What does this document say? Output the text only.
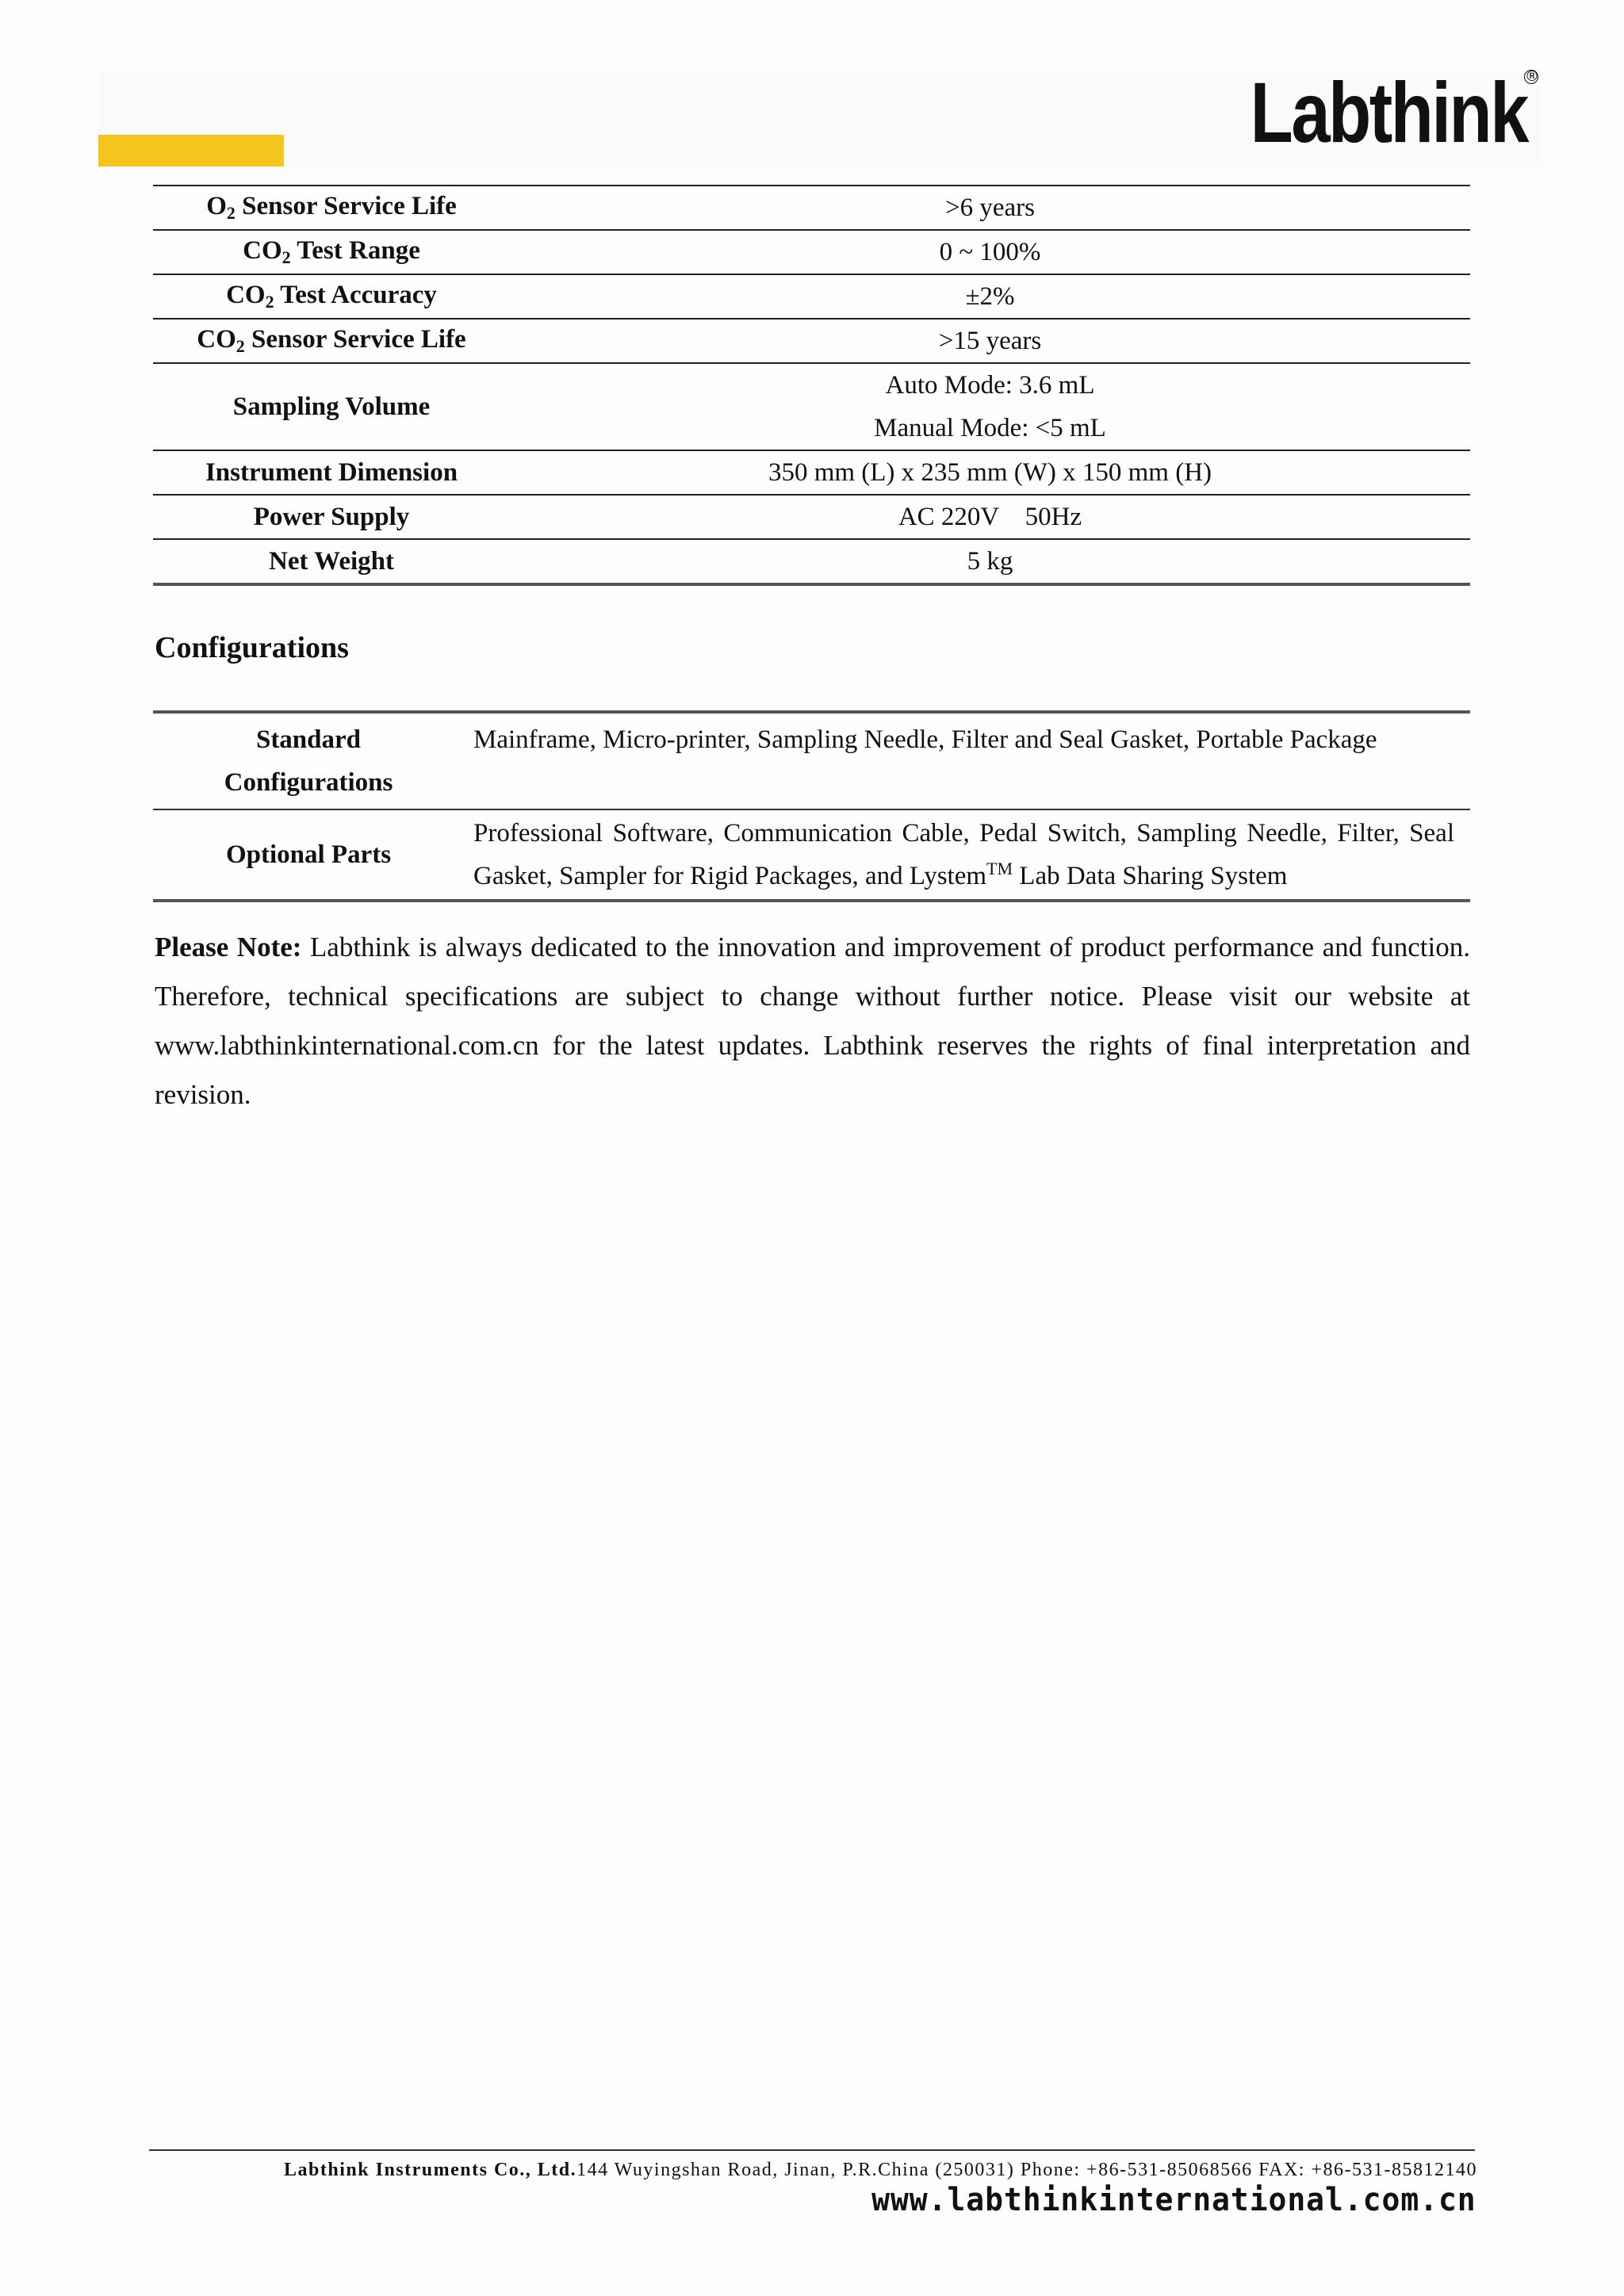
Labthink
®
$O_2$ Sensor Service Life	>6 years
$CO_2$ Test Range	0 ~ 100%
$CO_2$ Test Accuracy	±2%
$CO_2$ Sensor Service Life	>15 years
Sampling Volume	Auto Mode: 3.6 mL
Manual Mode: <5 mL

Instrument Dimension	350 mm (L) x 235 mm (W) x 150 mm (H)
Power Supply	AC 220V    50Hz
Net Weight	5 kg
Configurations
Standard
Configurations	Mainframe, Micro-printer, Sampling Needle, Filter and Seal Gasket, Portable Package
Optional Parts	Professional Software, Communication Cable, Pedal Switch, Sampling Needle, Filter, Seal Gasket, Sampler for Rigid Packages, and Lystem™ Lab Data Sharing System

Please Note: Labthink is always dedicated to the innovation and improvement of product performance and function. Therefore, technical specifications are subject to change without further notice. Please visit our website at www.labthinkinternational.com.cn for the latest updates. Labthink reserves the rights of final interpretation and revision.

Labthink Instruments Co., Ltd.144 Wuyingshan Road, Jinan, P.R.China (250031) Phone: +86-531-85068566 FAX: +86-531-85812140
www.labthinkinternational.com.cn
